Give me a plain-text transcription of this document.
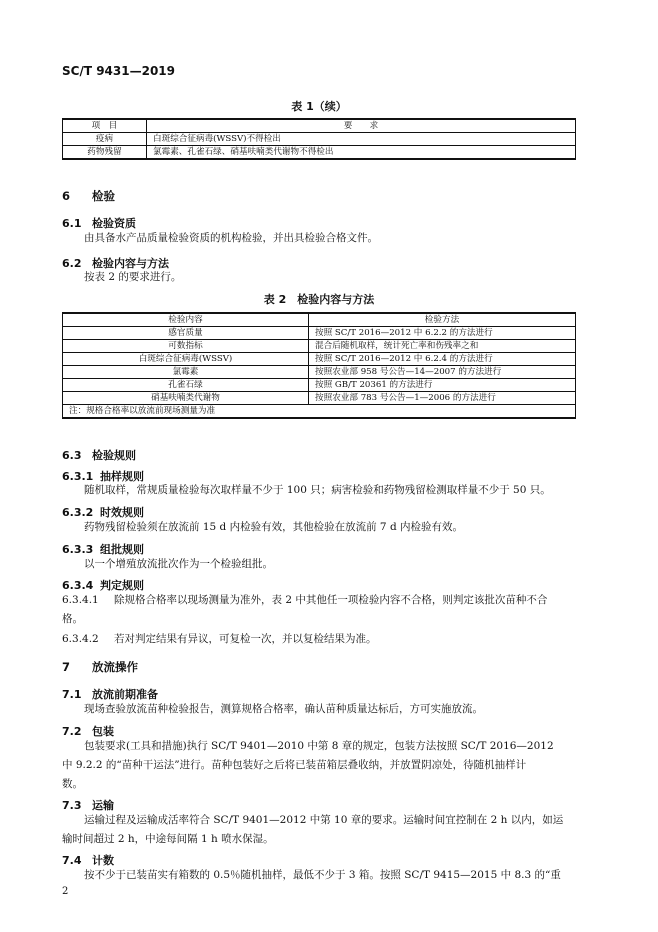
SC/T 9431—2019
表 1（续）
项　目	要　　求
疫病	白斑综合征病毒(WSSV)不得检出
药物残留	氯霉素、孔雀石绿、硝基呋喃类代谢物不得检出
6 检验
6.1 检验资质
由具备水产品质量检验资质的机构检验，并出具检验合格文件。
6.2 检验内容与方法
按表 2 的要求进行。
表 2　检验内容与方法
检验内容	检验方法
感官质量	按照 SC/T 2016—2012 中 6.2.2 的方法进行
可数指标	混合后随机取样，统计死亡率和伤残率之和
白斑综合征病毒(WSSV)	按照 SC/T 2016—2012 中 6.2.4 的方法进行
氯霉素	按照农业部 958 号公告—14—2007 的方法进行
孔雀石绿	按照 GB/T 20361 的方法进行
硝基呋喃类代谢物	按照农业部 783 号公告—1—2006 的方法进行
注：规格合格率以放流前现场测量为准	
6.3 检验规则
6.3.1 抽样规则
随机取样，常规质量检验每次取样量不少于 100 只；病害检验和药物残留检测取样量不少于 50 只。
6.3.2 时效规则
药物残留检验须在放流前 15 d 内检验有效，其他检验在放流前 7 d 内检验有效。
6.3.3 组批规则
以一个增殖放流批次作为一个检验组批。
6.3.4 判定规则
6.3.4.1 除规格合格率以现场测量为准外，表 2 中其他任一项检验内容不合格，则判定该批次苗种不合
格。
6.3.4.2 若对判定结果有异议，可复检一次，并以复检结果为准。
7 放流操作
7.1 放流前期准备
现场查验放流苗种检验报告，测算规格合格率，确认苗种质量达标后，方可实施放流。
7.2 包装
包装要求(工具和措施)执行 SC/T 9401—2010 中第 8 章的规定，包装方法按照 SC/T 2016—2012
中 9.2.2 的“苗种干运法”进行。苗种包装好之后将已装苗箱层叠收纳，并放置阴凉处，待随机抽样计
数。
7.3 运输
运输过程及运输成活率符合 SC/T 9401—2012 中第 10 章的要求。运输时间宜控制在 2 h 以内，如运
输时间超过 2 h，中途每间隔 1 h 喷水保湿。
7.4 计数
按不少于已装苗实有箱数的 0.5％随机抽样，最低不少于 3 箱。按照 SC/T 9415—2015 中 8.3 的“重
2
